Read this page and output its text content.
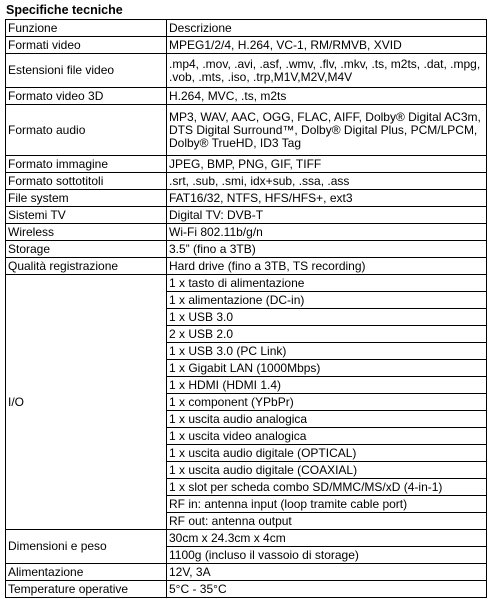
Specifiche tecniche
Funzione	Descrizione
Formati video	MPEG1/2/4, H.264, VC-1, RM/RMVB, XVID
Estensioni file video	.mp4, .mov, .avi, .asf, .wmv, .flv, .mkv, .ts, m2ts, .dat, .mpg, .vob, .mts, .iso, .trp,M1V,M2V,M4V
Formato video 3D	H.264, MVC, .ts, m2ts
Formato audio	MP3, WAV, AAC, OGG, FLAC, AIFF, Dolby® Digital AC3m, DTS Digital Surround™, Dolby® Digital Plus, PCM/LPCM, Dolby® TrueHD, ID3 Tag
Formato immagine	JPEG, BMP, PNG, GIF, TIFF
Formato sottotitoli	.srt, .sub, .smi, idx+sub, .ssa, .ass
File system	FAT16/32, NTFS, HFS/HFS+, ext3
Sistemi TV	Digital TV: DVB-T
Wireless	Wi-Fi 802.11b/g/n
Storage	3.5” (fino a 3TB)
Qualità registrazione	Hard drive (fino a 3TB, TS recording)
I/O	1 x tasto di alimentazione
	1 x alimentazione (DC-in)
	1 x USB 3.0
	2 x USB 2.0
	1 x USB 3.0 (PC Link)
	1 x Gigabit LAN (1000Mbps)
	1 x HDMI (HDMI 1.4)
	1 x component (YPbPr)
	1 x uscita audio analogica
	1 x uscita video analogica
	1 x uscita audio digitale (OPTICAL)
	1 x uscita audio digitale (COAXIAL)
	1 x slot per scheda combo SD/MMC/MS/xD (4-in-1)
	RF in: antenna input (loop tramite cable port)
	RF out: antenna output
Dimensioni e peso	30cm x 24.3cm x 4cm
	1100g (incluso il vassoio di storage)
Alimentazione	12V, 3A
Temperature operative	5°C - 35°C
